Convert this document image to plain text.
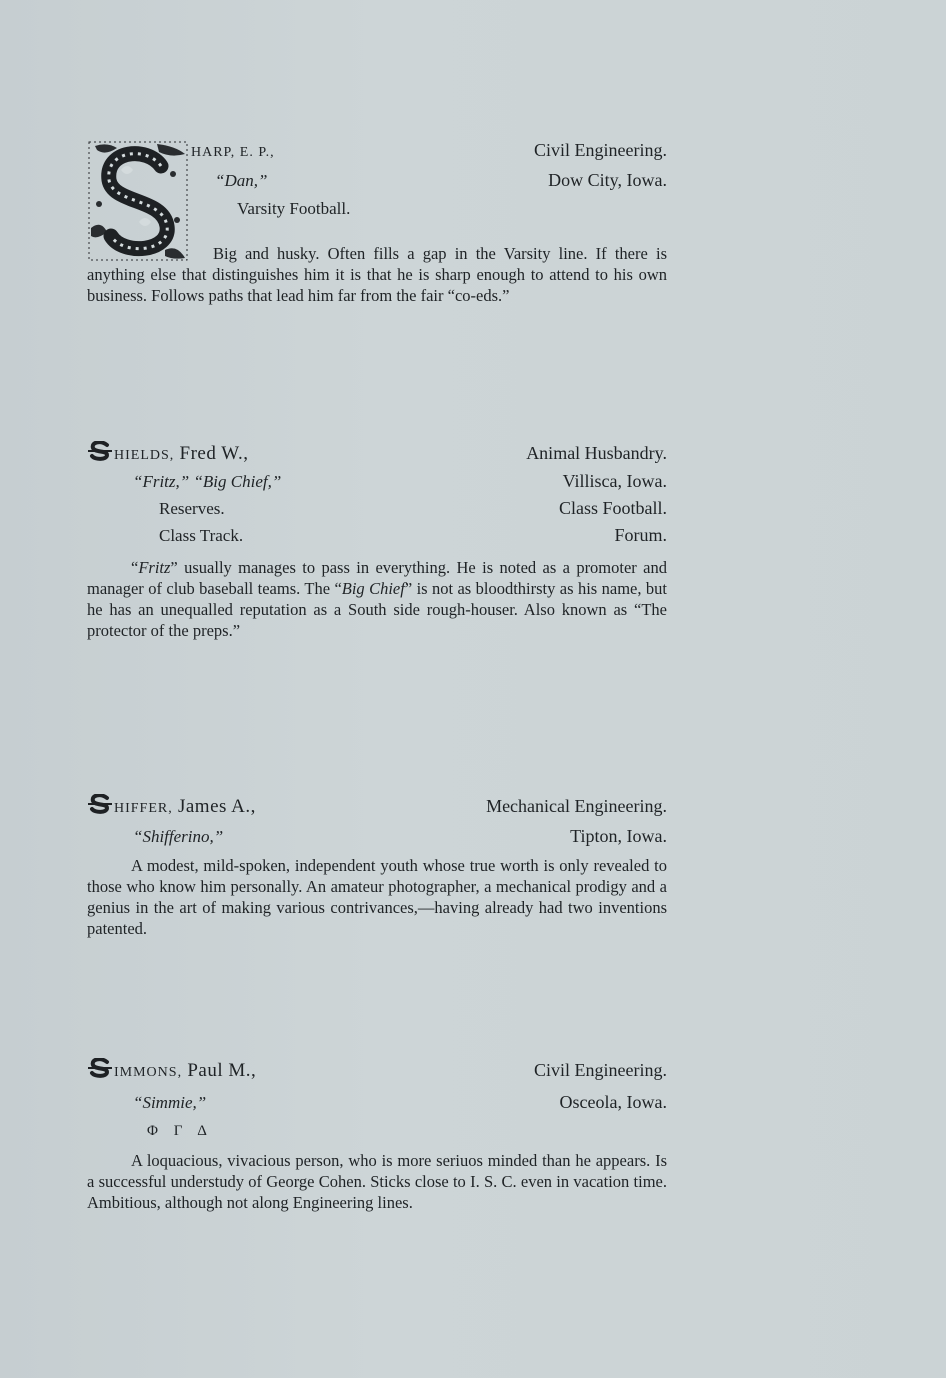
HARP, E. P.,	Civil Engineering.
“Dan,”	Dow City, Iowa.
Varsity Football.

Big and husky. Often fills a gap in the Varsity line. If there is anything else that distinguishes him it is that he is sharp enough to attend to his own business. Follows paths that lead him far from the fair “co-eds.”

HIELDS, Fred W.,	Animal Husbandry.
“Fritz,” “Big Chief,”	Villisca, Iowa.
Reserves.	Class Football.
Class Track.	Forum.

“Fritz” usually manages to pass in everything. He is noted as a promoter and manager of club baseball teams. The “Big Chief” is not as bloodthirsty as his name, but he has an unequalled reputation as a South side rough-houser. Also known as “The protector of the preps.”

HIFFER, James A.,	Mechanical Engineering.
“Shifferino,”	Tipton, Iowa.

A modest, mild-spoken, independent youth whose true worth is only revealed to those who know him personally. An amateur photographer, a mechanical prodigy and a genius in the art of making various contrivances,—having already had two inventions patented.

IMMONS, Paul M.,	Civil Engineering.
“Simmie,”	Osceola, Iowa.
Φ Γ Δ

A loquacious, vivacious person, who is more seriuos minded than he appears. Is a successful understudy of George Cohen. Sticks close to I. S. C. even in vacation time. Ambitious, although not along Engineering lines.
